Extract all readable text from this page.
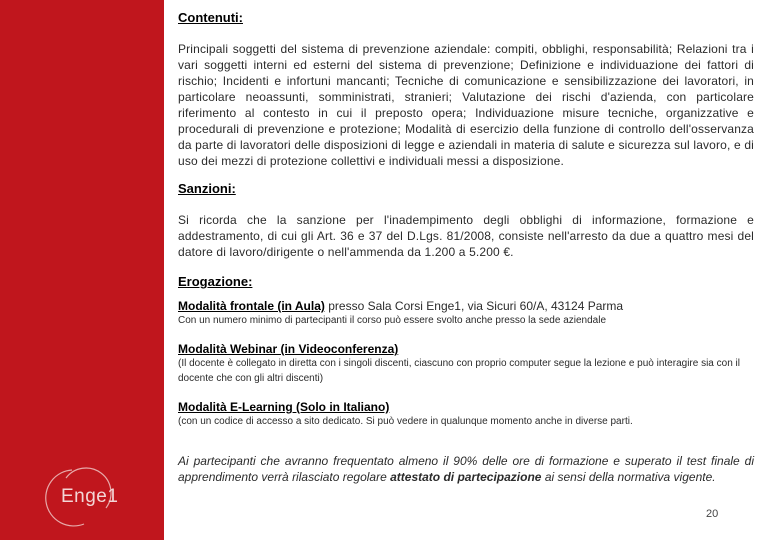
Enge1

Contenuti:

Principali soggetti del sistema di prevenzione aziendale: compiti, obblighi, responsabilità; Relazioni tra i vari soggetti interni ed esterni del sistema di prevenzione; Definizione e individuazione dei fattori di rischio; Incidenti e infortuni mancanti; Tecniche di comunicazione e sensibilizzazione dei lavoratori, in particolare neoassunti, somministrati, stranieri; Valutazione dei rischi d'azienda, con particolare riferimento al contesto in cui il preposto opera; Individuazione misure tecniche, organizzative e procedurali di prevenzione e protezione; Modalità di esercizio della funzione di controllo dell'osservanza da parte di lavoratori delle disposizioni di legge e aziendali in materia di salute e sicurezza sul lavoro, e di uso dei mezzi di protezione collettivi e individuali messi a disposizione.

Sanzioni:

Si ricorda che la sanzione per l'inadempimento degli obblighi di informazione, formazione e addestramento, di cui gli Art. 36 e 37 del D.Lgs. 81/2008, consiste nell'arresto da due a quattro mesi del datore di lavoro/dirigente o nell'ammenda da 1.200 a 5.200 €.

Erogazione:

Modalità frontale (in Aula) presso Sala Corsi Enge1, via Sicuri 60/A, 43124 Parma

Con un numero minimo di partecipanti il corso può essere svolto anche presso la sede aziendale

Modalità Webinar (in Videoconferenza)

(Il docente è collegato in diretta con i singoli discenti, ciascuno con proprio computer segue la lezione e può interagire sia con il docente che con gli altri discenti)

Modalità E-Learning (Solo in Italiano)

(con un codice di accesso a sito dedicato. Si può vedere in qualunque momento anche in diverse parti.

Ai partecipanti che avranno frequentato almeno il 90% delle ore di formazione e superato il test finale di apprendimento verrà rilasciato regolare attestato di partecipazione ai sensi della normativa vigente.

20
